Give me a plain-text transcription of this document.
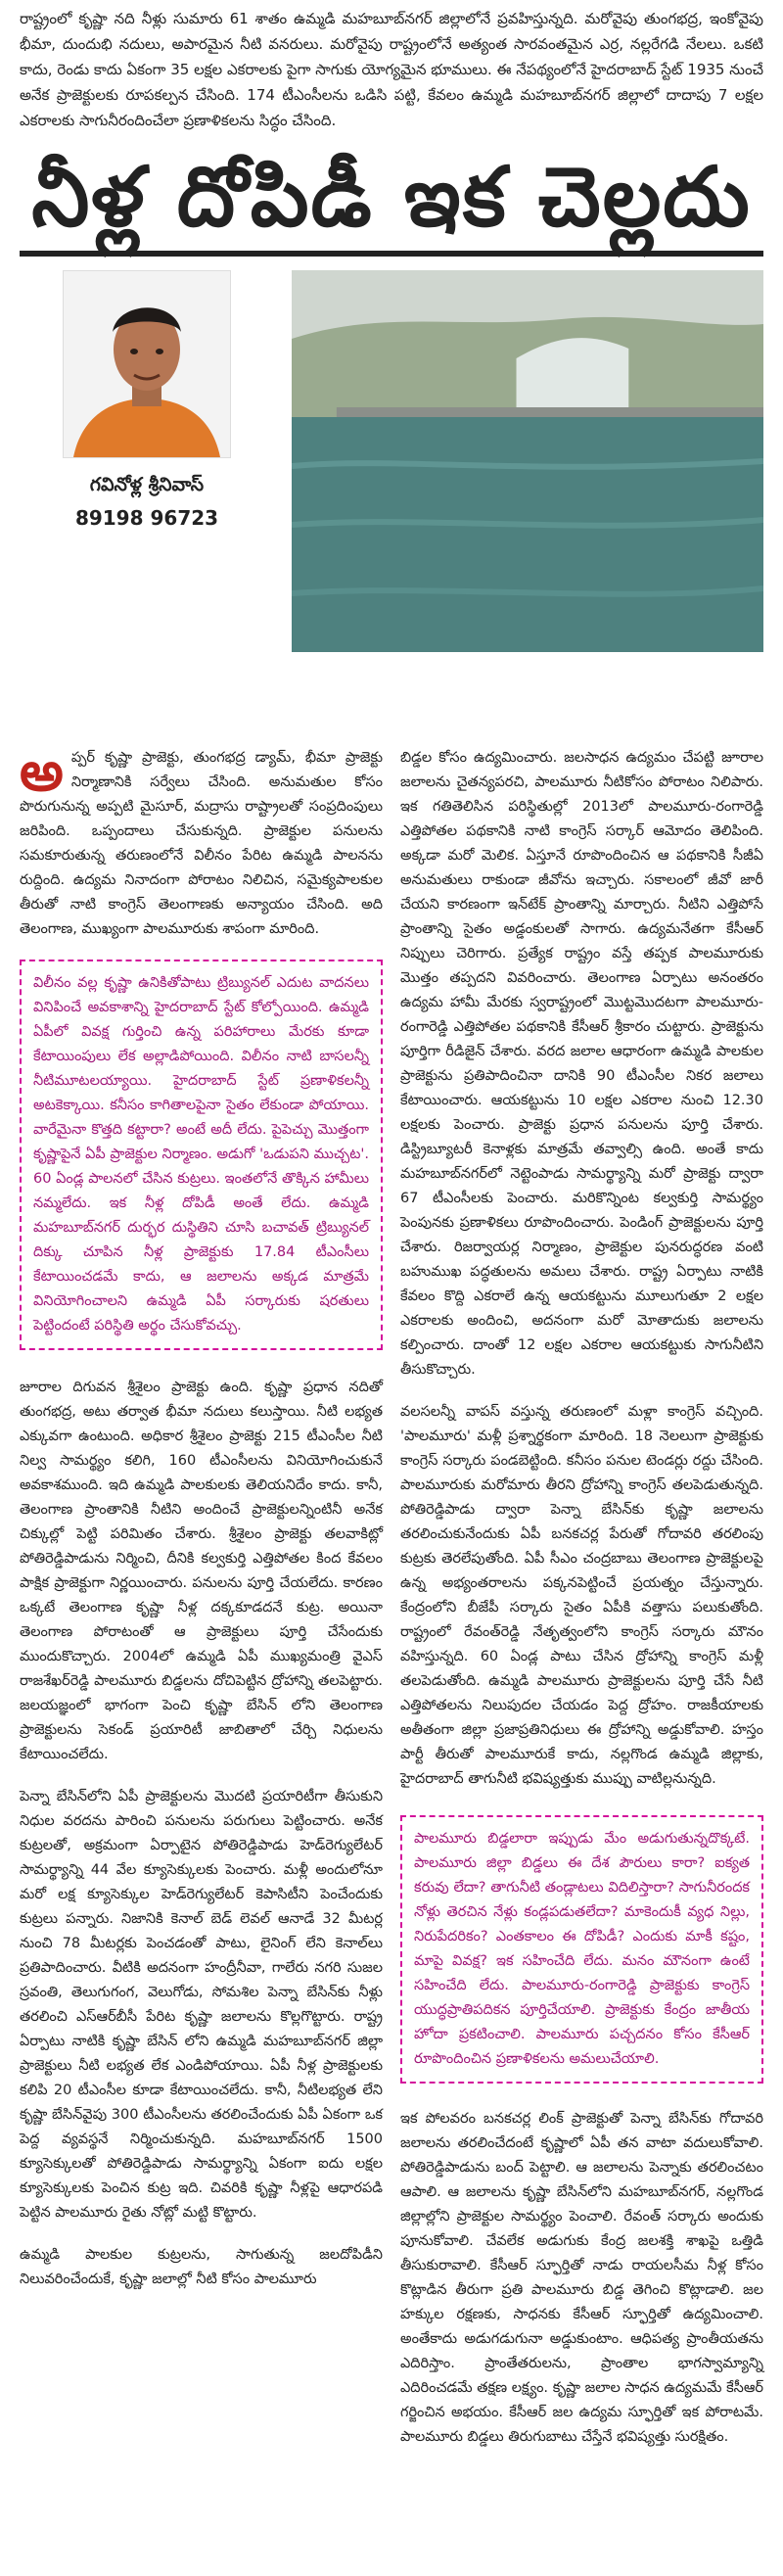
రాష్ట్రంలో కృష్ణా నది నీళ్లు సుమారు 61 శాతం ఉమ్మడి మహబూబ్‌నగర్ జిల్లాలోనే ప్రవహిస్తున్నది. మరోవైపు తుంగభద్ర, ఇంకోవైపు భీమా, దుందుభి నదులు, అపారమైన నీటి వనరులు. మరోవైపు రాష్ట్రంలోనే అత్యంత సారవంతమైన ఎర్ర, నల్లరేగడి నేలలు. ఒకటి కాదు, రెండు కాదు ఏకంగా 35 లక్షల ఎకరాలకు పైగా సాగుకు యోగ్యమైన భూములు. ఈ నేపథ్యంలోనే హైదరాబాద్ స్టేట్ 1935 నుంచే అనేక ప్రాజెక్టులకు రూపకల్పన చేసింది. 174 టీఎంసీలను ఒడిసి పట్టి, కేవలం ఉమ్మడి మహబూబ్‌నగర్ జిల్లాలో దాదాపు 7 లక్షల ఎకరాలకు సాగునీరందించేలా ప్రణాళికలను సిద్ధం చేసింది.
నీళ్ల దోపిడీ ఇక చెల్లదు
గవినోళ్ల శ్రీనివాస్
89198 96723

అ ప్పర్ కృష్ణా ప్రాజెక్టు, తుంగభద్ర డ్యామ్, భీమా ప్రాజెక్టు నిర్మాణానికి సర్వేలు చేసింది. అనుమతుల కోసం పొరుగునున్న అప్పటి మైసూర్, మద్రాసు రాష్ట్రాలతో సంప్రదింపులు జరిపింది. ఒప్పందాలు చేసుకున్నది. ప్రాజెక్టుల పనులను సమకూరుతున్న తరుణంలోనే విలీనం పేరిట ఉమ్మడి పాలనను రుద్దింది. ఉద్యమ నినాదంగా పోరాటం నిలిచిన, సమైక్యపాలకుల తీరుతో నాటి కాంగ్రెస్ తెలంగాణకు అన్యాయం చేసింది. అది తెలంగాణ, ముఖ్యంగా పాలమూరుకు శాపంగా మారింది.

విలీనం వల్ల కృష్ణా ఉనికితోపాటు ట్రిబ్యునల్ ఎదుట వాదనలు వినిపించే అవకాశాన్ని హైదరాబాద్ స్టేట్ కోల్పోయింది. ఉమ్మడి ఏపీలో వివక్ష గుర్తించి ఉన్న పరిహారాలు మేరకు కూడా కేటాయింపులు లేక అల్లాడిపోయింది. విలీనం నాటి బాసలన్నీ నీటిమూటలయ్యాయి. హైదరాబాద్ స్టేట్ ప్రణాళికలన్నీ అటకెక్కాయి. కనీసం కాగితాలపైనా సైతం లేకుండా పోయాయి. వారేమైనా కొత్తది కట్టారా? అంటే అదీ లేదు. పైపెచ్చు మొత్తంగా కృష్ణాపైనే ఏపీ ప్రాజెక్టుల నిర్మాణం. అడుగో 'ఒడుపని ముచ్చట'. 60 ఏండ్ల పాలనలో చేసిన కుట్రలు. ఇంతలోనే తొక్కిన హామీలు నమ్మలేదు. ఇక నీళ్ల దోపిడీ అంతే లేదు. ఉమ్మడి మహబూబ్‌నగర్ దుర్భర దుస్థితిని చూసి బచావత్ ట్రిబ్యునల్ దిక్కు చూపిన నీళ్ల ప్రాజెక్టుకు 17.84 టీఎంసీలు కేటాయించడమే కాదు, ఆ జలాలను అక్కడ మాత్రమే వినియోగించాలని ఉమ్మడి ఏపీ సర్కారుకు షరతులు పెట్టిందంటే పరిస్థితి అర్థం చేసుకోవచ్చు.

జూరాల దిగువన శ్రీశైలం ప్రాజెక్టు ఉంది. కృష్ణా ప్రధాన నదితో తుంగభద్ర, అటు తర్వాత భీమా నదులు కలుస్తాయి. నీటి లభ్యత ఎక్కువగా ఉంటుంది. అధికార శ్రీశైలం ప్రాజెక్టు 215 టీఎంసీల నీటి నిల్వ సామర్థ్యం కలిగి, 160 టీఎంసీలను వినియోగించుకునే అవకాశముంది. ఇది ఉమ్మడి పాలకులకు తెలియనిదేం కాదు. కానీ, తెలంగాణ ప్రాంతానికి నీటిని అందించే ప్రాజెక్టులన్నింటినీ అనేక చిక్కుల్లో పెట్టి పరిమితం చేశారు. శ్రీశైలం ప్రాజెక్టు తలవాకిట్లో పోతిరెడ్డిపాడును నిర్మించి, దీనికి కల్వకుర్తి ఎత్తిపోతల కింద కేవలం పాక్షిక ప్రాజెక్టుగా నిర్ణయించారు. పనులను పూర్తి చేయలేదు. కారణం ఒక్కటే తెలంగాణ కృష్ణా నీళ్ల దక్కకూడదనే కుట్ర. అయినా తెలంగాణ పోరాటంతో ఆ ప్రాజెక్టులు పూర్తి చేసేందుకు ముందుకొచ్చారు. 2004లో ఉమ్మడి ఏపీ ముఖ్యమంత్రి వైఎస్ రాజశేఖర్‌రెడ్డి పాలమూరు బిడ్డలను దోచిపెట్టిన ద్రోహాన్ని తలపెట్టారు. జలయజ్ఞంలో భాగంగా పెంచి కృష్ణా బేసిన్ లోని తెలంగాణ ప్రాజెక్టులను సెకండ్ ప్రయారిటీ జాబితాలో చేర్చి నిధులను కేటాయించలేదు.

పెన్నా బేసిన్‌లోని ఏపీ ప్రాజెక్టులను మొదటి ప్రయారిటీగా తీసుకుని నిధుల వరదను పారించి పనులను పరుగులు పెట్టించారు. అనేక కుట్రలతో, అక్రమంగా ఏర్పాటైన పోతిరెడ్డిపాడు హెడ్‌రెగ్యులేటర్ సామర్థ్యాన్ని 44 వేల క్యూసెక్కులకు పెంచారు. మళ్లీ అందులోనూ మరో లక్ష క్యూసెక్కుల హెడ్‌రెగ్యులేటర్ కెపాసిటీని పెంచేందుకు కుట్రలు పన్నారు. నిజానికి కెనాల్ బెడ్ లెవల్ ఆనాడే 32 మీటర్ల నుంచి 78 మీటర్లకు పెంచడంతో పాటు, లైనింగ్ లేని కెనాల్‌లు ప్రతిపాదించారు. వీటికి అదనంగా హంద్రీనీవా, గాలేరు నగరి సుజల స్రవంతి, తెలుగుగంగ, వెలుగోడు, సోమశిల పెన్నా బేసిన్‌కు నీళ్లు తరలించి ఎస్‌ఆర్‌బీసీ పేరిట కృష్ణా జలాలను కొల్లగొట్టారు. రాష్ట్ర ఏర్పాటు నాటికి కృష్ణా బేసిన్ లోని ఉమ్మడి మహబూబ్‌నగర్ జిల్లా ప్రాజెక్టులు నీటి లభ్యత లేక ఎండిపోయాయి. ఏపీ నీళ్ల ప్రాజెక్టులకు కలిపి 20 టీఎంసీల కూడా కేటాయించలేదు. కానీ, నీటిలభ్యత లేని కృష్ణా బేసిన్‌వైపు 300 టీఎంసీలను తరలించేందుకు ఏపీ ఏకంగా ఒక పెద్ద వ్యవస్థనే నిర్మించుకున్నది. మహబూబ్‌నగర్ 1500 క్యూసెక్కులతో పోతిరెడ్డిపాడు సామర్థ్యాన్ని ఏకంగా ఐదు లక్షల క్యూసెక్కులకు పెంచిన కుట్ర ఇది. చివరికి కృష్ణా నీళ్లపై ఆధారపడి పెట్టిన పాలమూరు రైతు నోట్లో మట్టి కొట్టారు.

ఉమ్మడి పాలకుల కుట్రలను, సాగుతున్న జలదోపిడీని నిలువరించేందుకే, కృష్ణా జలాల్లో నీటి కోసం పాలమూరు

బిడ్డల కోసం ఉద్యమించారు. జలసాధన ఉద్యమం చేపట్టి జూరాల జలాలను చైతన్యపరచి, పాలమూరు నీటికోసం పోరాటం నిలిపారు. ఇక గతితెలిసిన పరిస్థితుల్లో 2013లో పాలమూరు-రంగారెడ్డి ఎత్తిపోతల పథకానికి నాటి కాంగ్రెస్ సర్కార్ ఆమోదం తెలిపింది. అక్కడా మరో మెలిక. ఏస్తూనే రూపొందించిన ఆ పథకానికి సీజీఏ అనుమతులు రాకుండా జీవోను ఇచ్చారు. సకాలంలో జీవో జారీ చేయని కారణంగా ఇన్‌టేక్ ప్రాంతాన్ని మార్చారు. నీటిని ఎత్తిపోసే ప్రాంతాన్ని సైతం అడ్డంకులతో సాగారు. ఉద్యమనేతగా కేసీఆర్ నిప్పులు చెరిగారు. ప్రత్యేక రాష్ట్రం వస్తే తప్పక పాలమూరుకు మొత్తం తప్పదని వివరించారు. తెలంగాణ ఏర్పాటు అనంతరం ఉద్యమ హామీ మేరకు స్వరాష్ట్రంలో మొట్టమొదటగా పాలమూరు-రంగారెడ్డి ఎత్తిపోతల పథకానికి కేసీఆర్ శ్రీకారం చుట్టారు. ప్రాజెక్టును పూర్తిగా రీడిజైన్ చేశారు. వరద జలాల ఆధారంగా ఉమ్మడి పాలకుల ప్రాజెక్టును ప్రతిపాదించినా దానికి 90 టీఎంసీల నికర జలాలు కేటాయించారు. ఆయకట్టును 10 లక్షల ఎకరాల నుంచి 12.30 లక్షలకు పెంచారు. ప్రాజెక్టు ప్రధాన పనులను పూర్తి చేశారు. డిస్ట్రిబ్యూటరీ కెనాళ్లకు మాత్రమే తవ్వాల్సి ఉంది. అంతే కాదు మహబూబ్‌నగర్‌లో నెట్టెంపాడు సామర్థ్యాన్ని మరో ప్రాజెక్టు ద్వారా 67 టీఎంసీలకు పెంచారు. మరికొన్నింట కల్వకుర్తి సామర్థ్యం పెంపునకు ప్రణాళికలు రూపొందించారు. పెండింగ్ ప్రాజెక్టులను పూర్తి చేశారు. రిజర్వాయర్ల నిర్మాణం, ప్రాజెక్టుల పునరుద్ధరణ వంటి బహుముఖ పద్ధతులను అమలు చేశారు. రాష్ట్ర ఏర్పాటు నాటికి కేవలం కొద్ది ఎకరాలే ఉన్న ఆయకట్టును మూలుగుతూ 2 లక్షల ఎకరాలకు అందించి, అదనంగా మరో మోతాదుకు జలాలను కల్పించారు. దాంతో 12 లక్షల ఎకరాల ఆయకట్టుకు సాగునీటిని తీసుకొచ్చారు.

వలసలన్నీ వాపస్ వస్తున్న తరుణంలో మళ్లా కాంగ్రెస్ వచ్చింది. 'పాలమూరు' మళ్లీ ప్రశ్నార్థకంగా మారింది. 18 నెలలుగా ప్రాజెక్టుకు కాంగ్రెస్ సర్కారు పండబెట్టింది. కనీసం పనుల టెండర్లు రద్దు చేసింది. పాలమూరుకు మరోమారు తీరని ద్రోహాన్ని కాంగ్రెస్ తలపెడుతున్నది. పోతిరెడ్డిపాడు ద్వారా పెన్నా బేసిన్‌కు కృష్ణా జలాలను తరలించుకునేందుకు ఏపీ బనకచర్ల పేరుతో గోదావరి తరలింపు కుట్రకు తెరలేపుతోంది. ఏపీ సీఎం చంద్రబాబు తెలంగాణ ప్రాజెక్టులపై ఉన్న అభ్యంతరాలను పక్కనపెట్టించే ప్రయత్నం చేస్తున్నారు. కేంద్రంలోని బీజేపీ సర్కారు సైతం ఏపీకి వత్తాసు పలుకుతోంది. రాష్ట్రంలో రేవంత్‌రెడ్డి నేతృత్వంలోని కాంగ్రెస్ సర్కారు మౌనం వహిస్తున్నది. 60 ఏండ్ల పాటు చేసిన ద్రోహాన్ని కాంగ్రెస్ మళ్లీ తలపెడుతోంది. ఉమ్మడి పాలమూరు ప్రాజెక్టులను పూర్తి చేసే నీటి ఎత్తిపోతలను నిలుపుదల చేయడం పెద్ద ద్రోహం. రాజకీయాలకు అతీతంగా జిల్లా ప్రజాప్రతినిధులు ఈ ద్రోహాన్ని అడ్డుకోవాలి. హస్తం పార్టీ తీరుతో పాలమూరుకే కాదు, నల్లగొండ ఉమ్మడి జిల్లాకు, హైదరాబాద్ తాగునీటి భవిష్యత్తుకు ముప్పు వాటిల్లనున్నది.

పాలమూరు బిడ్డలారా ఇప్పుడు మేం అడుగుతున్నదొక్కటే. పాలమూరు జిల్లా బిడ్డలు ఈ దేశ పౌరులు కారా? ఐక్యత కరువు లేదా? తాగునీటి తండ్లాటలు విదిలిస్తారా? సాగునీరందక నోళ్లు తెరచిన నేళ్లు కండ్లపడుతలేదా? మాకెందుకీ వ్యధ నిల్లు, నిరుపేదరికం? ఎంతకాలం ఈ దోపిడీ? ఎందుకు మాకీ కష్టం, మాపై వివక్ష? ఇక సహించేది లేదు. మనం మౌనంగా ఉంటే సహించేది లేదు. పాలమూరు-రంగారెడ్డి ప్రాజెక్టుకు కాంగ్రెస్ యుద్ధప్రాతిపదికన పూర్తిచేయాలి. ప్రాజెక్టుకు కేంద్రం జాతీయ హోదా ప్రకటించాలి. పాలమూరు పచ్చదనం కోసం కేసీఆర్ రూపొందించిన ప్రణాళికలను అమలుచేయాలి.

ఇక పోలవరం బనకచర్ల లింక్ ప్రాజెక్టుతో పెన్నా బేసిన్‌కు గోదావరి జలాలను తరలించేదంటే కృష్ణాలో ఏపీ తన వాటా వదులుకోవాలి. పోతిరెడ్డిపాడును బంద్ పెట్టాలి. ఆ జలాలను పెన్నాకు తరలించటం ఆపాలి. ఆ జలాలను కృష్ణా బేసిన్‌లోని మహబూబ్‌నగర్, నల్లగొండ జిల్లాల్లోని ప్రాజెక్టుల సామర్థ్యం పెంచాలి. రేవంత్ సర్కారు అందుకు పూనుకోవాలి. చేవలేక అడుగుకు కేంద్ర జలశక్తి శాఖపై ఒత్తిడి తీసుకురావాలి. కేసీఆర్ స్ఫూర్తితో నాడు రాయలసీమ నీళ్ల కోసం కొట్లాడిన తీరుగా ప్రతి పాలమూరు బిడ్డ తెగించి కొట్లాడాలి. జల హక్కుల రక్షణకు, సాధనకు కేసీఆర్ స్ఫూర్తితో ఉద్యమించాలి. అంతేకాదు అడుగడుగునా అడ్డుకుంటాం. ఆధిపత్య ప్రాంతీయతను ఎదిరిస్తాం. ప్రాంతేతరులను, ప్రాంతాల భాగస్వామ్యాన్ని ఎదిరించడమే తక్షణ లక్ష్యం. కృష్ణా జలాల సాధన ఉద్యమమే కేసీఆర్ గర్జించిన అభయం. కేసీఆర్ జల ఉద్యమ స్ఫూర్తితో ఇక పోరాటమే. పాలమూరు బిడ్డలు తిరుగుబాటు చేస్తేనే భవిష్యత్తు సురక్షితం.
